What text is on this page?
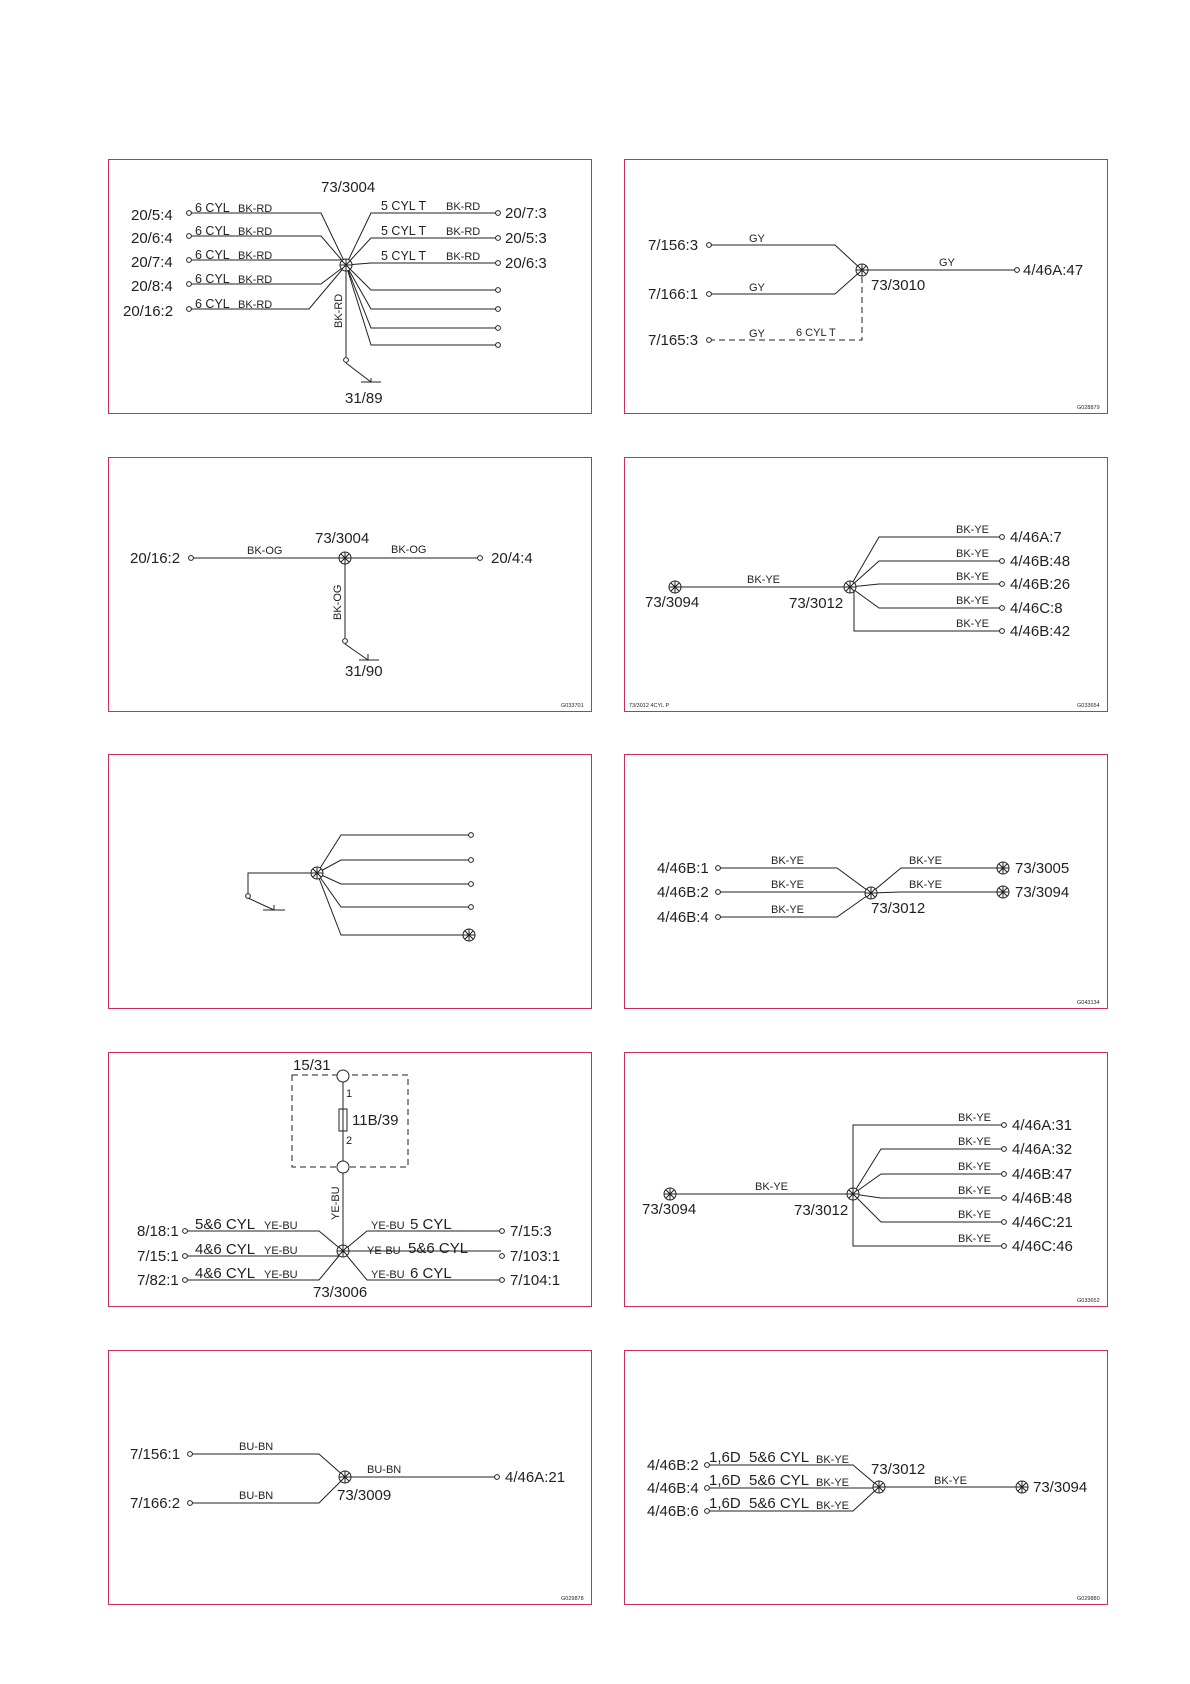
73/3004
31/89
BK-RD
20/5:4
20/6:4
20/7:4
20/8:4
20/16:2
6 CYL
6 CYL
6 CYL
6 CYL
6 CYL
BK-RD
BK-RD
BK-RD
BK-RD
BK-RD
5 CYL T
5 CYL T
5 CYL T
BK-RD
BK-RD
BK-RD
20/7:3
20/5:3
20/6:3
7/156:3
7/166:1
7/165:3
GY
GY
GY	6 CYL T
GY	4/46A:47
73/3010
G028879
20/16:2	BK-OG	BK-OG	20/4:4
73/3004
BK-OG
31/90
G033701
73/3094
BK-YE
73/3012
BK-YE
BK-YE
BK-YE
BK-YE
BK-YE
4/46A:7
4/46B:48
4/46B:26
4/46C:8
4/46B:42
73/3012 4CYL P	G033654
4/46B:1
4/46B:2
4/46B:4
BK-YE
BK-YE
BK-YE
BK-YE
BK-YE
73/3005
73/3094
73/3012
G043134
15/31
11B/39
1
2
YE-BU
8/18:1
7/15:1
7/82:1
5&6 CYL
4&6 CYL
4&6 CYL
YE-BU
YE-BU
YE-BU
YE-BU
YE-BU
YE-BU
5 CYL
5&6 CYL
6 CYL
7/15:3
7/103:1
7/104:1
73/3006
73/3094
BK-YE
73/3012
BK-YE
BK-YE
BK-YE
BK-YE
BK-YE
BK-YE
4/46A:31
4/46A:32
4/46B:47
4/46B:48
4/46C:21
4/46C:46
G033652
7/156:1
7/166:2
BU-BN
BU-BN
BU-BN	4/46A:21
73/3009
G029878
4/46B:2
4/46B:4
4/46B:6
1,6D
1,6D
1,6D
5&6 CYL
5&6 CYL
5&6 CYL
BK-YE
BK-YE
BK-YE
73/3012
BK-YE	73/3094
G029880
